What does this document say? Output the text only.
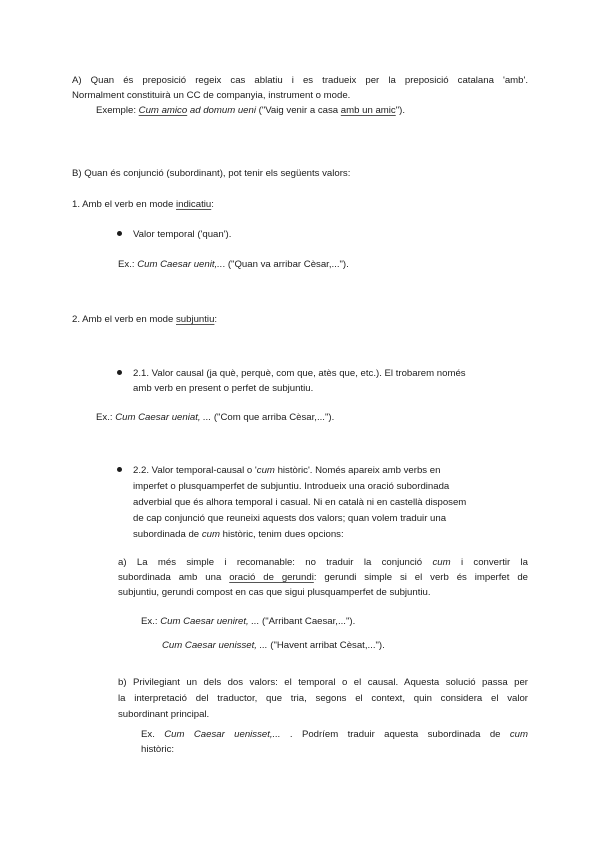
A) Quan és preposició regeix cas ablatiu i es tradueix per la preposició catalana 'amb'.
Normalment constituirà un CC de companyia, instrument o mode.
Exemple: Cum amico ad domum ueni ("Vaig venir a casa amb un amic").
B) Quan és conjunció (subordinant), pot tenir els següents valors:
1. Amb el verb en mode indicatiu:
Valor temporal ('quan').
Ex.: Cum Caesar uenit,... ("Quan va arribar Cèsar,...").
2. Amb el verb en mode subjuntiu:
2.1. Valor causal (ja què, perquè, com que, atès que, etc.). El trobarem només
amb verb en present o perfet de subjuntiu.
Ex.: Cum Caesar ueniat, ... ("Com que arriba Cèsar,...").
2.2. Valor temporal-causal o 'cum històric'. Només apareix amb verbs en
imperfet o plusquamperfet de subjuntiu. Introdueix una oració subordinada
adverbial que és alhora temporal i casual. Ni en català ni en castellà disposem
de cap conjunció que reuneixi aquests dos valors; quan volem traduir una
subordinada de cum històric, tenim dues opcions:
a) La més simple i recomanable: no traduir la conjunció cum i convertir la
subordinada amb una oració de gerundi: gerundi simple si el verb és imperfet de
subjuntiu, gerundi compost en cas que sigui plusquamperfet de subjuntiu.
Ex.: Cum Caesar ueniret, ... ("Arribant Caesar,...").
Cum Caesar uenisset, ... ("Havent arribat Cèsat,...").
b) Privilegiant un dels dos valors: el temporal o el causal. Aquesta solució passa per
la interpretació del traductor, que tria, segons el context, quin considera el valor
subordinant principal.
Ex. Cum Caesar uenisset,... . Podríem traduir aquesta subordinada de cum
històric:
